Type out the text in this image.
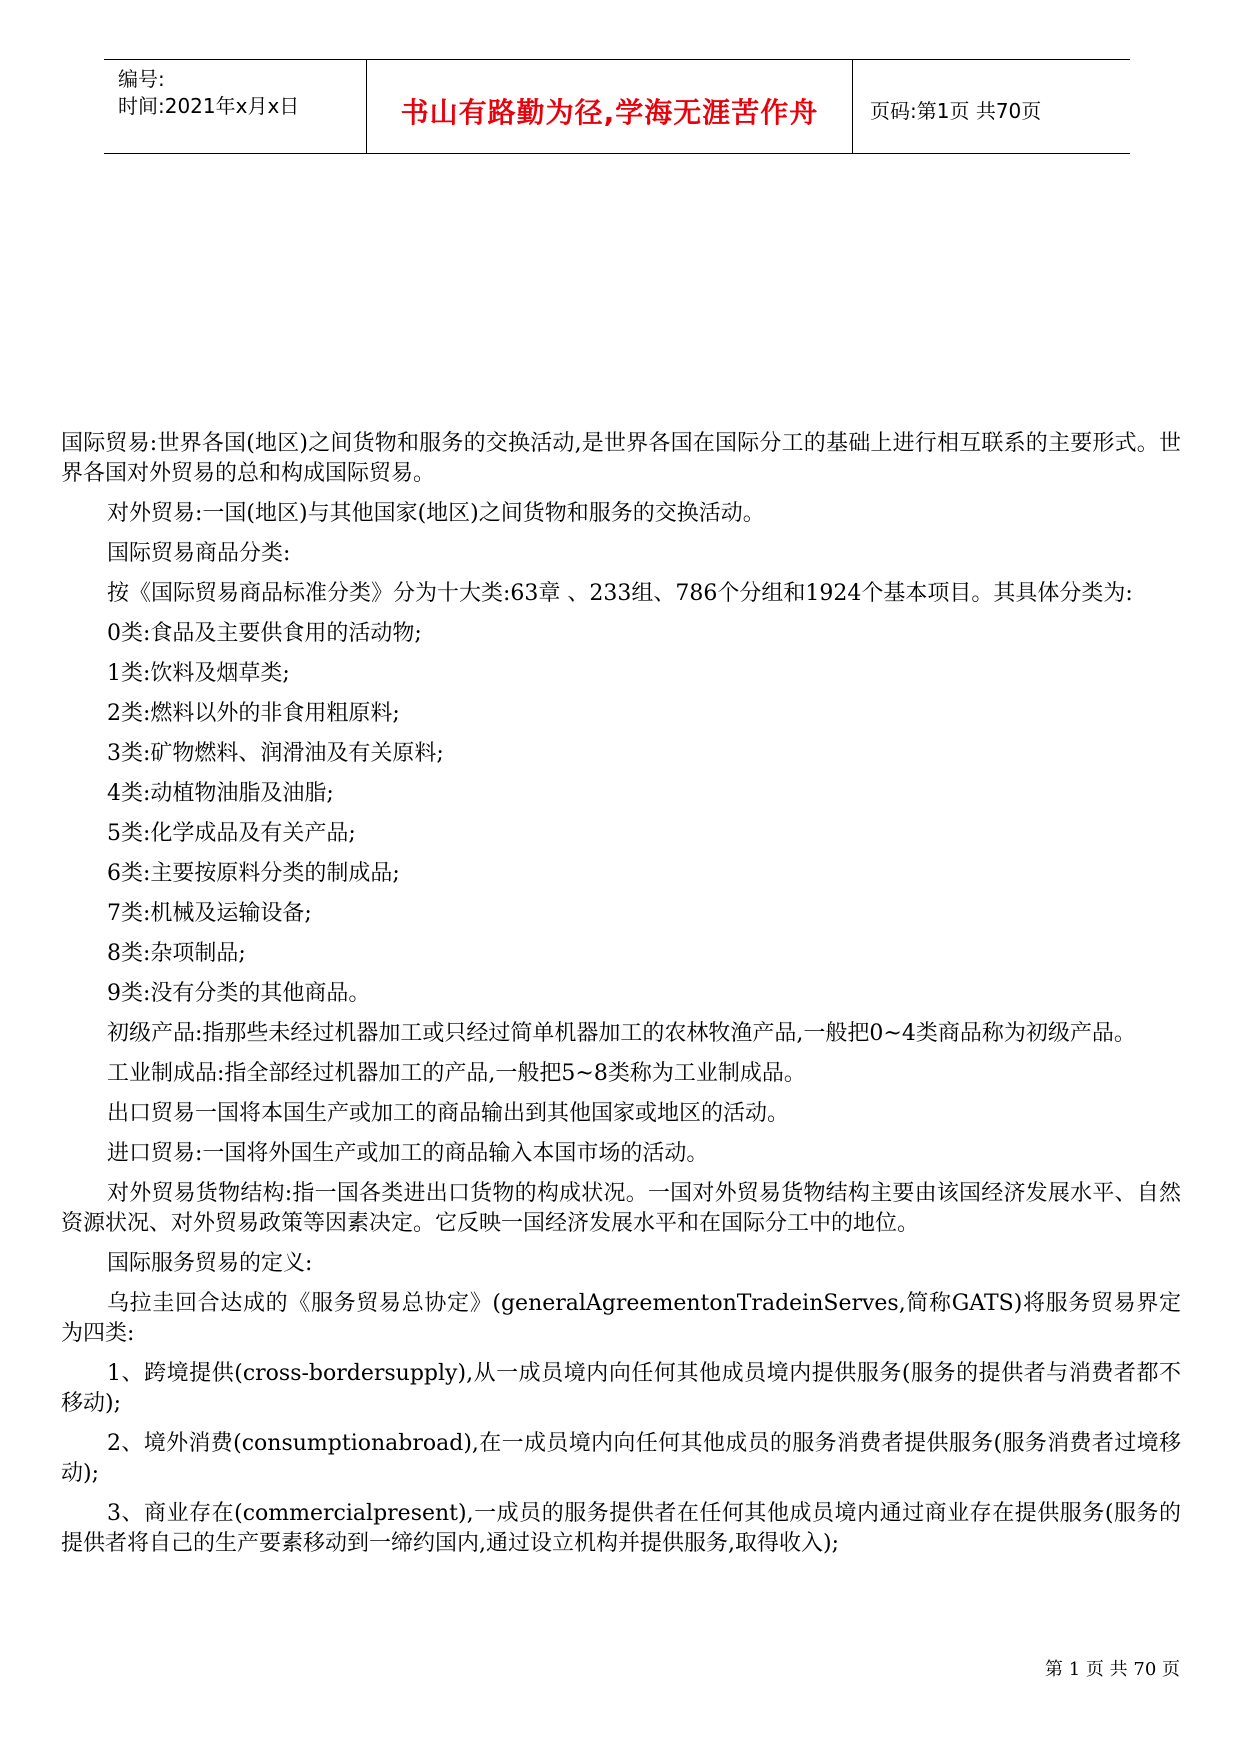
编号:
时间:2021年x月x日	书山有路勤为径,学海无涯苦作舟	页码:第1页 共70页

国际贸易:世界各国(地区)之间货物和服务的交换活动,是世界各国在国际分工的基础上进行相互联系的主要形式。世界各国对外贸易的总和构成国际贸易。

对外贸易:一国(地区)与其他国家(地区)之间货物和服务的交换活动。

国际贸易商品分类:

按《国际贸易商品标准分类》分为十大类:63章 、233组、786个分组和1924个基本项目。其具体分类为:

0类:食品及主要供食用的活动物;

1类:饮料及烟草类;

2类:燃料以外的非食用粗原料;

3类:矿物燃料、润滑油及有关原料;

4类:动植物油脂及油脂;

5类:化学成品及有关产品;

6类:主要按原料分类的制成品;

7类:机械及运输设备;

8类:杂项制品;

9类:没有分类的其他商品。

初级产品:指那些未经过机器加工或只经过简单机器加工的农林牧渔产品,一般把0~4类商品称为初级产品。

工业制成品:指全部经过机器加工的产品,一般把5~8类称为工业制成品。

出口贸易一国将本国生产或加工的商品输出到其他国家或地区的活动。

进口贸易:一国将外国生产或加工的商品输入本国市场的活动。

对外贸易货物结构:指一国各类进出口货物的构成状况。一国对外贸易货物结构主要由该国经济发展水平、自然资源状况、对外贸易政策等因素决定。它反映一国经济发展水平和在国际分工中的地位。

国际服务贸易的定义:

乌拉圭回合达成的《服务贸易总协定》(generalAgreementonTradeinServes,简称GATS)将服务贸易界定为四类:

1、跨境提供(cross-bordersupply),从一成员境内向任何其他成员境内提供服务(服务的提供者与消费者都不移动);

2、境外消费(consumptionabroad),在一成员境内向任何其他成员的服务消费者提供服务(服务消费者过境移动);

3、商业存在(commercialpresent),一成员的服务提供者在任何其他成员境内通过商业存在提供服务(服务的提供者将自己的生产要素移动到一缔约国内,通过设立机构并提供服务,取得收入);

第 1 页 共 70 页
